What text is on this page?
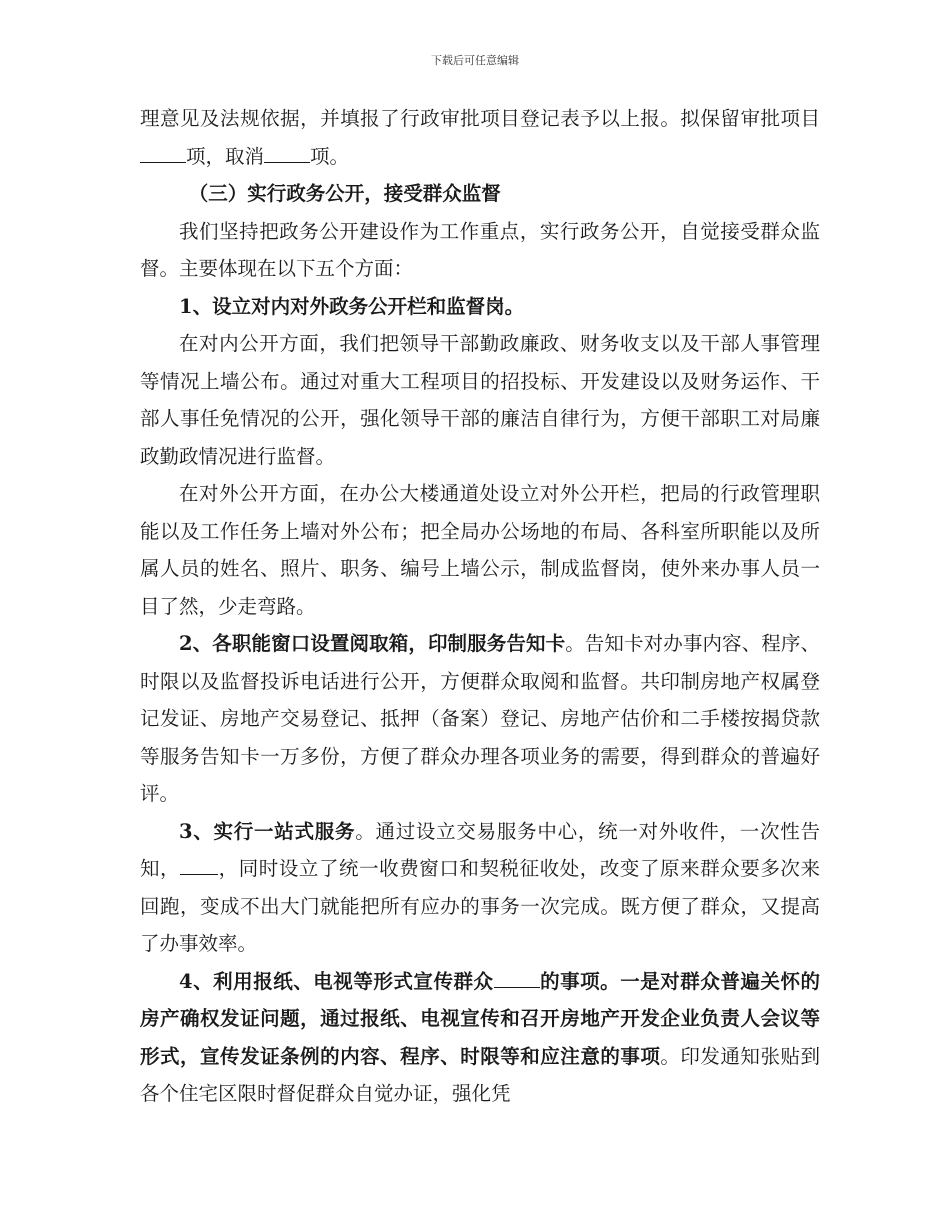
下载后可任意编辑

理意见及法规依据，并填报了行政审批项目登记表予以上报。拟保留审批项目项，取消 项。

（三）实行政务公开，接受群众监督

我们坚持把政务公开建设作为工作重点，实行政务公开，自觉接受群众监督。主要体现在以下五个方面：

1、设立对内对外政务公开栏和监督岗。

在对内公开方面，我们把领导干部勤政廉政、财务收支以及干部人事管理等情况上墙公布。通过对重大工程项目的招投标、开发建设以及财务运作、干部人事任免情况的公开，强化领导干部的廉洁自律行为，方便干部职工对局廉政勤政情况进行监督。

在对外公开方面，在办公大楼通道处设立对外公开栏，把局的行政管理职能以及工作任务上墙对外公布；把全局办公场地的布局、各科室所职能以及所属人员的姓名、照片、职务、编号上墙公示，制成监督岗，使外来办事人员一目了然，少走弯路。

2、各职能窗口设置阅取箱，印制服务告知卡。告知卡对办事内容、程序、时限以及监督投诉电话进行公开，方便群众取阅和监督。共印制房地产权属登记发证、房地产交易登记、抵押（备案）登记、房地产估价和二手楼按揭贷款等服务告知卡一万多份，方便了群众办理各项业务的需要，得到群众的普遍好评。

3、实行一站式服务。通过设立交易服务中心，统一对外收件，一次性告知， ，同时设立了统一收费窗口和契税征收处，改变了原来群众要多次来回跑，变成不出大门就能把所有应办的事务一次完成。既方便了群众，又提高了办事效率。

4、利用报纸、电视等形式宣传群众 的事项。一是对群众普遍关怀的房产确权发证问题，通过报纸、电视宣传和召开房地产开发企业负责人会议等形式，宣传发证条例的内容、程序、时限等和应注意的事项。印发通知张贴到各个住宅区限时督促群众自觉办证，强化凭
